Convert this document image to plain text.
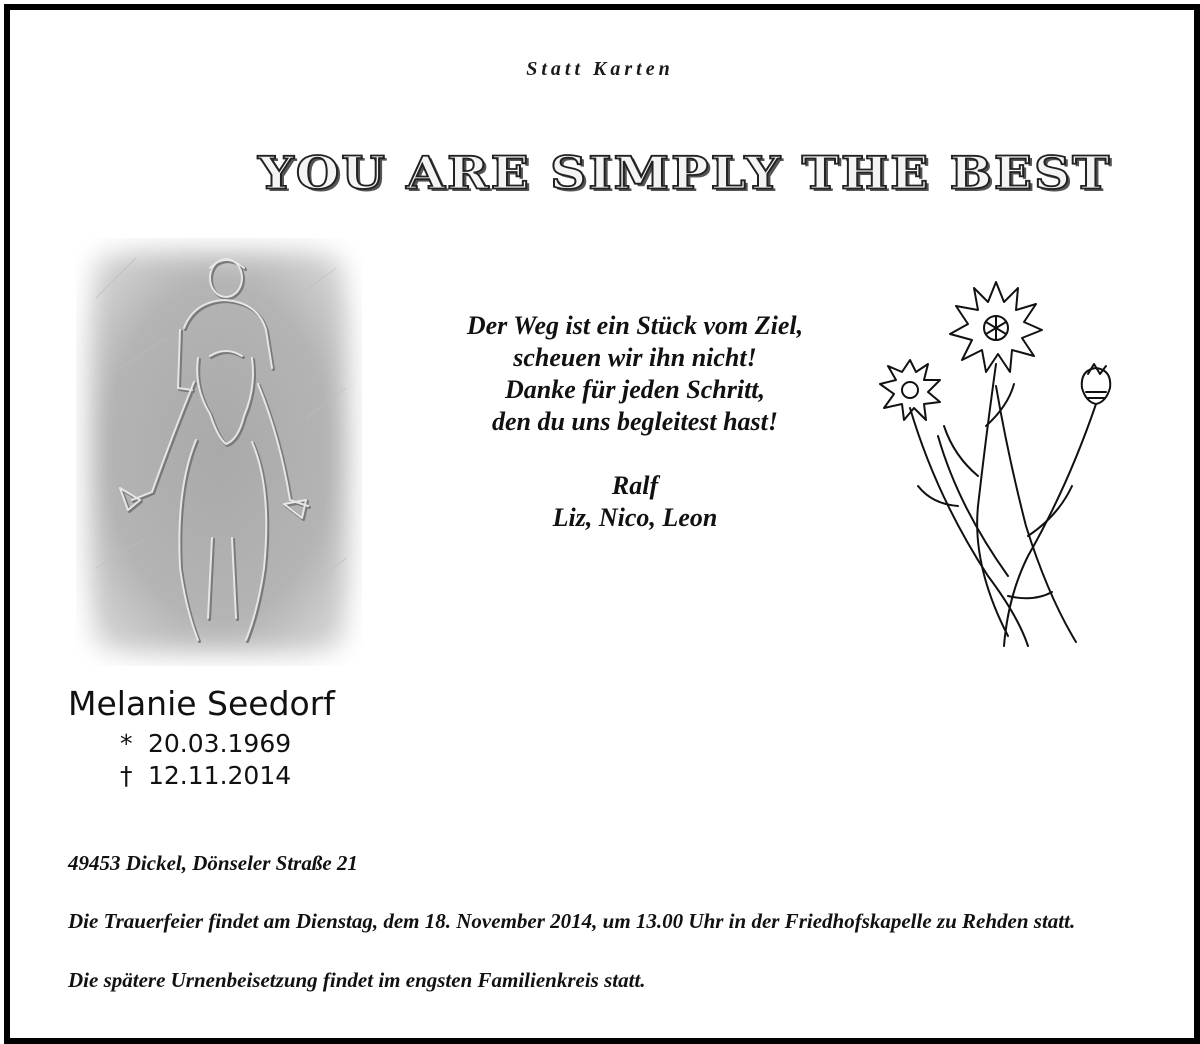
Statt Karten
YOU ARE SIMPLY THE BEST
Der Weg ist ein Stück vom Ziel,
scheuen wir ihn nicht!
Danke für jeden Schritt,
den du uns begleitest hast!
Ralf
Liz, Nico, Leon
Melanie Seedorf
* 20.03.1969
† 12.11.2014
49453 Dickel, Dönseler Straße 21
Die Trauerfeier findet am Dienstag, dem 18. November 2014, um 13.00 Uhr in der Friedhofskapelle zu Rehden statt.
Die spätere Urnenbeisetzung findet im engsten Familienkreis statt.
